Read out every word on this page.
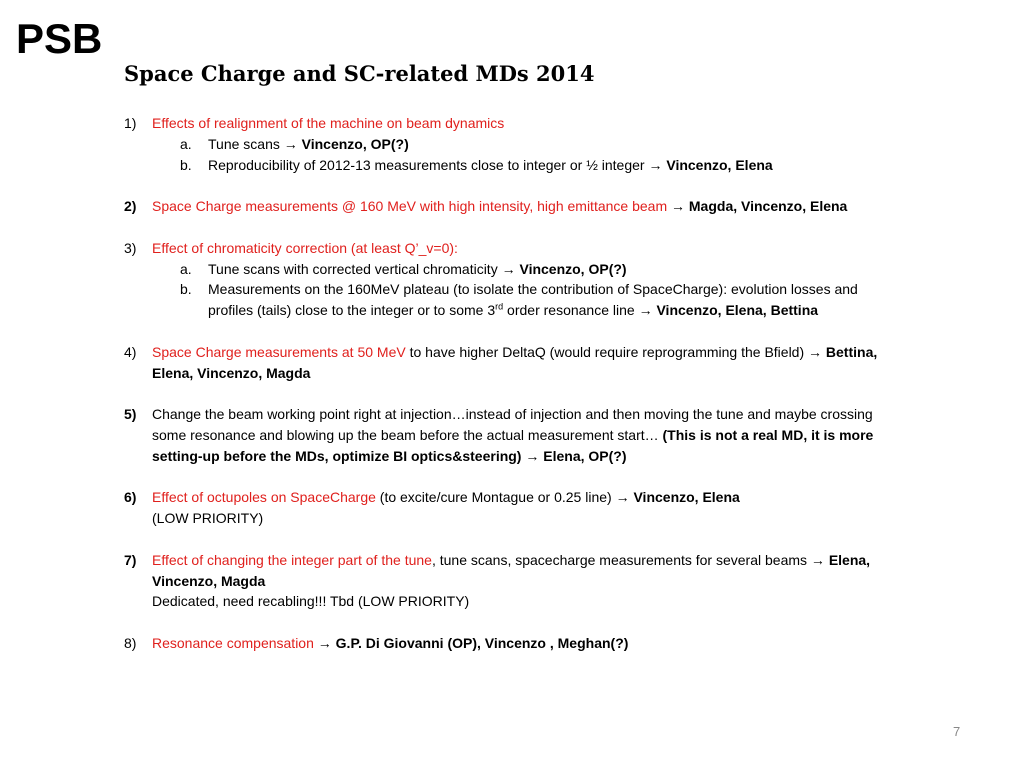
PSB
Space Charge and SC-related MDs 2014
1) Effects of realignment of the machine on beam dynamics
a. Tune scans → Vincenzo, OP(?)
b. Reproducibility of 2012-13 measurements close to integer or ½ integer → Vincenzo, Elena
2) Space Charge measurements @ 160 MeV with high intensity, high emittance beam → Magda, Vincenzo, Elena
3) Effect of chromaticity correction (at least Q’_v=0):
a. Tune scans with corrected vertical chromaticity → Vincenzo, OP(?)
b. Measurements on the 160MeV plateau (to isolate the contribution of SpaceCharge): evolution losses and profiles (tails) close to the integer or to some 3rd order resonance line → Vincenzo, Elena, Bettina
4) Space Charge measurements at 50 MeV to have higher DeltaQ (would require reprogramming the Bfield) → Bettina, Elena, Vincenzo, Magda
5) Change the beam working point right at injection…instead of injection and then moving the tune and maybe crossing some resonance and blowing up the beam before the actual measurement start… (This is not a real MD, it is more setting-up before the MDs, optimize BI optics&steering) → Elena, OP(?)
6) Effect of octupoles on SpaceCharge (to excite/cure Montague or 0.25 line) → Vincenzo, Elena
(LOW PRIORITY)
7) Effect of changing the integer part of the tune, tune scans, spacecharge measurements for several beams → Elena, Vincenzo, Magda
Dedicated, need recabling!!! Tbd (LOW PRIORITY)
8) Resonance compensation → G.P. Di Giovanni (OP), Vincenzo , Meghan(?)
7
